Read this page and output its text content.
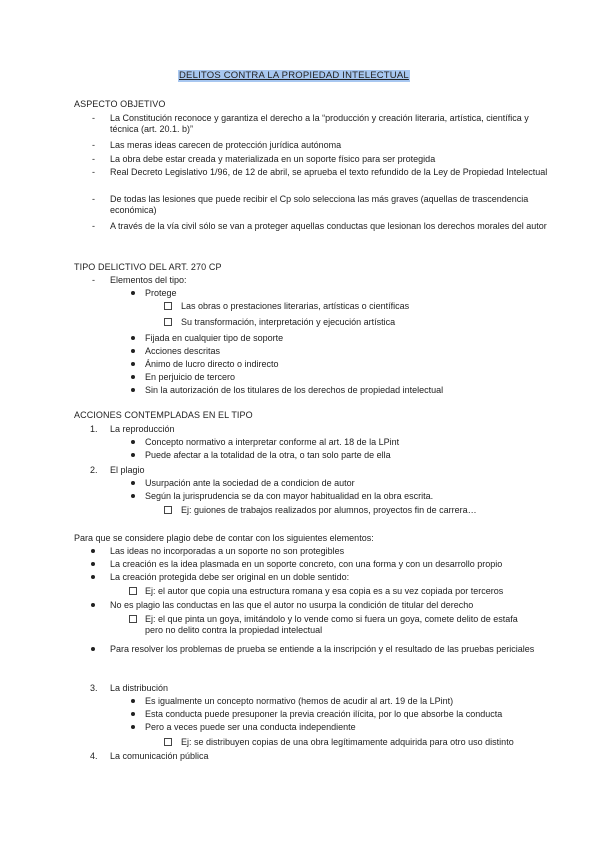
DELITOS CONTRA LA PROPIEDAD INTELECTUAL
ASPECTO OBJETIVO
- La Constitución reconoce y garantiza el derecho a la “producción y creación literaria, artística, científica y técnica (art. 20.1. b)”
- Las meras ideas carecen de protección jurídica autónoma
- La obra debe estar creada y materializada en un soporte físico para ser protegida
- Real Decreto Legislativo 1/96, de 12 de abril, se aprueba el texto refundido de la Ley de Propiedad Intelectual
- De todas las lesiones que puede recibir el Cp solo selecciona las más graves (aquellas de trascendencia económica)
- A través de la vía civil sólo se van a proteger aquellas conductas que lesionan los derechos morales del autor
TIPO DELICTIVO DEL ART. 270 CP
- Elementos del tipo:
Protege
Las obras o prestaciones literarias, artísticas o científicas
Su transformación, interpretación y ejecución artística
Fijada en cualquier tipo de soporte
Acciones descritas
Ánimo de lucro directo o indirecto
En perjuicio de tercero
Sin la autorización de los titulares de los derechos de propiedad intelectual
ACCIONES CONTEMPLADAS EN EL TIPO
1. La reproducción
Concepto normativo a interpretar conforme al art. 18 de la LPint
Puede afectar a la totalidad de la otra, o tan solo parte de ella
2. El plagio
Usurpación ante la sociedad de a condicion de autor
Según la jurisprudencia se da con mayor habitualidad en la obra escrita.
Ej: guiones de trabajos realizados por alumnos, proyectos fin de carrera…
Para que se considere plagio debe de contar con los siguientes elementos:
Las ideas no incorporadas a un soporte no son protegibles
La creación es la idea plasmada en un soporte concreto, con una forma y con un desarrollo propio
La creación protegida debe ser original en un doble sentido:
Ej: el autor que copia una estructura romana y esa copia es a su vez copiada por terceros
No es plagio las conductas en las que el autor no usurpa la condición de titular del derecho
Ej: el que pinta un goya, imitándolo y lo vende como si fuera un goya, comete delito de estafa pero no delito contra la propiedad intelectual
Para resolver los problemas de prueba se entiende a la inscripción y el resultado de las pruebas periciales
3. La distribución
Es igualmente un concepto normativo (hemos de acudir al art. 19 de la LPint)
Esta conducta puede presuponer la previa creación ilícita, por lo que absorbe la conducta
Pero a veces puede ser una conducta independiente
Ej: se distribuyen copias de una obra legítimamente adquirida para otro uso distinto
4. La comunicación pública
